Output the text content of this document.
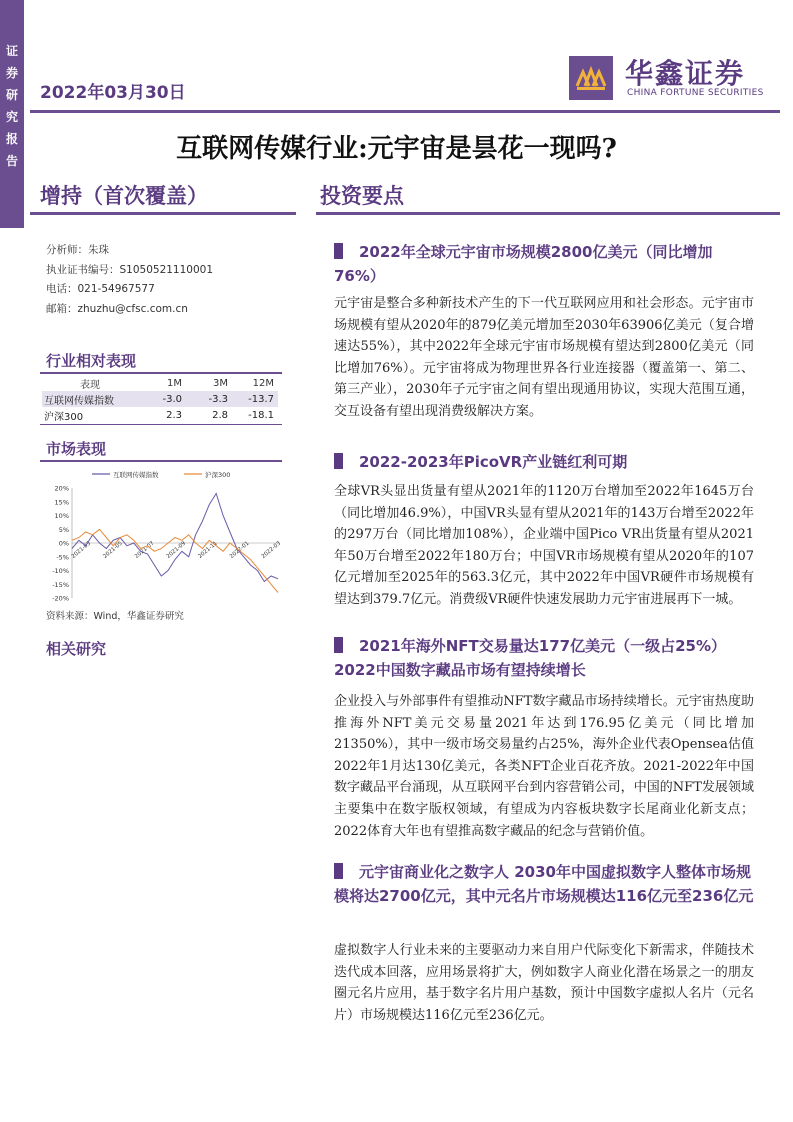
证券研究报告
2022年03月30日
华鑫证券
CHINA FORTUNE SECURITIES
互联网传媒行业:元宇宙是昙花一现吗?
增持（首次覆盖）	投资要点
分析师：朱珠
执业证书编号：S1050521110001
电话：021-54967577
邮箱：zhuzhu@cfsc.com.cn
行业相对表现
表现	1M	3M	12M
互联网传媒指数	-3.0	-3.3	-13.7
沪深300	2.3	2.8	-18.1
市场表现
互联网传媒指数	沪深300
20%
15%
10%
5%
0%
-5%
-10%
-15%
-20%
2021-03 2021-05 2021-07 2021-09 2021-11 2022-01 2022-03
资料来源：Wind，华鑫证券研究
相关研究
2022年全球元宇宙市场规模2800亿美元（同比增加76%）
元宇宙是整合多种新技术产生的下一代互联网应用和社会形态。元宇宙市场规模有望从2020年的879亿美元增加至2030年63906亿美元（复合增速达55%），其中2022年全球元宇宙市场规模有望达到2800亿美元（同比增加76%）。元宇宙将成为物理世界各行业连接器（覆盖第一、第二、第三产业），2030年子元宇宙之间有望出现通用协议，实现大范围互通，交互设备有望出现消费级解决方案。
2022-2023年PicoVR产业链红利可期
全球VR头显出货量有望从2021年的1120万台增加至2022年1645万台（同比增加46.9%），中国VR头显有望从2021年的143万台增至2022年的297万台（同比增加108%），企业端中国Pico VR出货量有望从2021年50万台增至2022年180万台；中国VR市场规模有望从2020年的107亿元增加至2025年的563.3亿元，其中2022年中国VR硬件市场规模有望达到379.7亿元。消费级VR硬件快速发展助力元宇宙进展再下一城。
2021年海外NFT交易量达177亿美元（一级占25%）2022中国数字藏品市场有望持续增长
企业投入与外部事件有望推动NFT数字藏品市场持续增长。元宇宙热度助推海外NFT美元交易量2021年达到176.95亿美元（同比增加21350%），其中一级市场交易量约占25%，海外企业代表Opensea估值2022年1月达130亿美元，各类NFT企业百花齐放。2021-2022年中国数字藏品平台涌现，从互联网平台到内容营销公司，中国的NFT发展领域主要集中在数字版权领域，有望成为内容板块数字长尾商业化新支点；2022体育大年也有望推高数字藏品的纪念与营销价值。
元宇宙商业化之数字人 2030年中国虚拟数字人整体市场规模将达2700亿元，其中元名片市场规模达116亿元至236亿元
虚拟数字人行业未来的主要驱动力来自用户代际变化下新需求，伴随技术迭代成本回落，应用场景将扩大，例如数字人商业化潜在场景之一的朋友圈元名片应用，基于数字名片用户基数，预计中国数字虚拟人名片（元名片）市场规模达116亿元至236亿元。
